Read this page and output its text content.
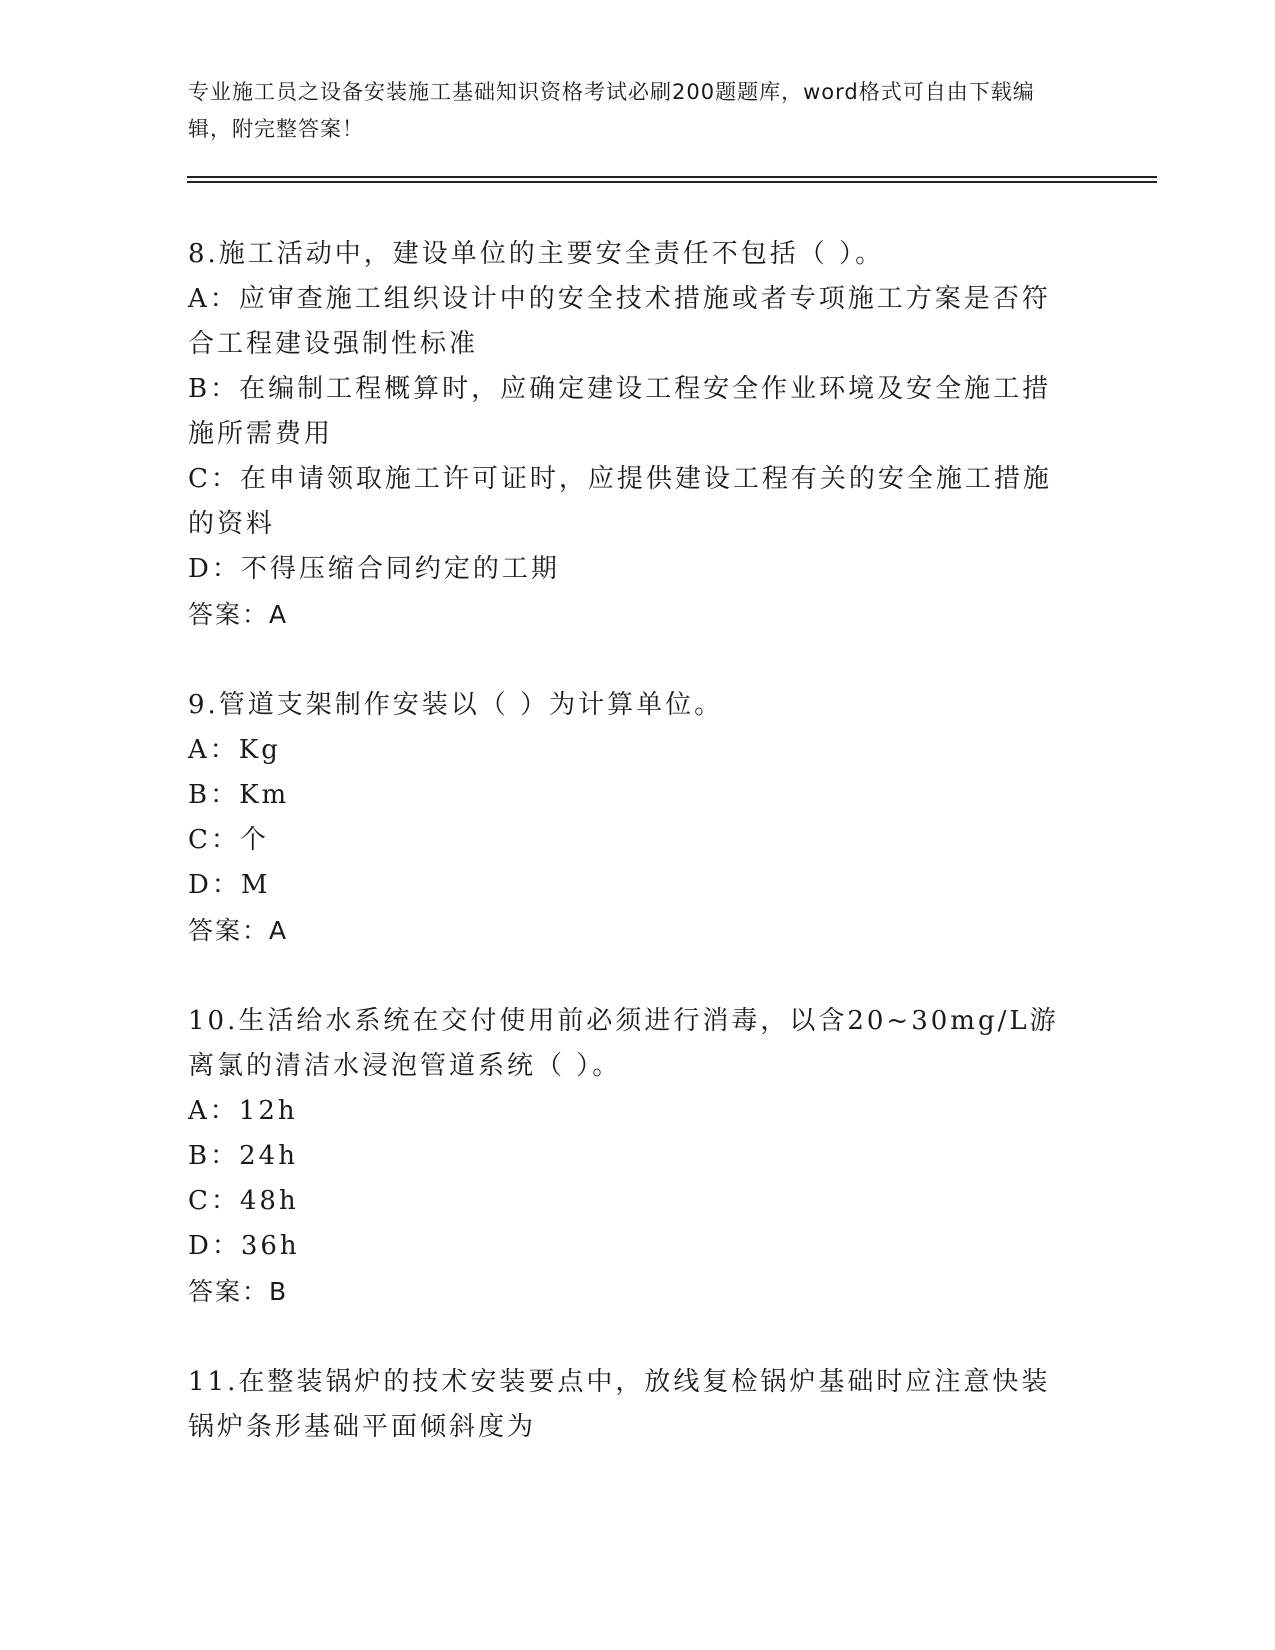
专业施工员之设备安装施工基础知识资格考试必刷200题题库，word格式可自由下载编辑，附完整答案！
8.施工活动中，建设单位的主要安全责任不包括（ ）。
A：应审查施工组织设计中的安全技术措施或者专项施工方案是否符合工程建设强制性标准
B：在编制工程概算时，应确定建设工程安全作业环境及安全施工措施所需费用
C：在申请领取施工许可证时，应提供建设工程有关的安全施工措施的资料
D：不得压缩合同约定的工期
答案：A
9.管道支架制作安装以（ ）为计算单位。
A：Kg
B：Km
C：个
D：M
答案：A
10.生活给水系统在交付使用前必须进行消毒，以含20~30mg/L游离氯的清洁水浸泡管道系统（ ）。
A：12h
B：24h
C：48h
D：36h
答案：B
11.在整装锅炉的技术安装要点中，放线复检锅炉基础时应注意快装锅炉条形基础平面倾斜度为
